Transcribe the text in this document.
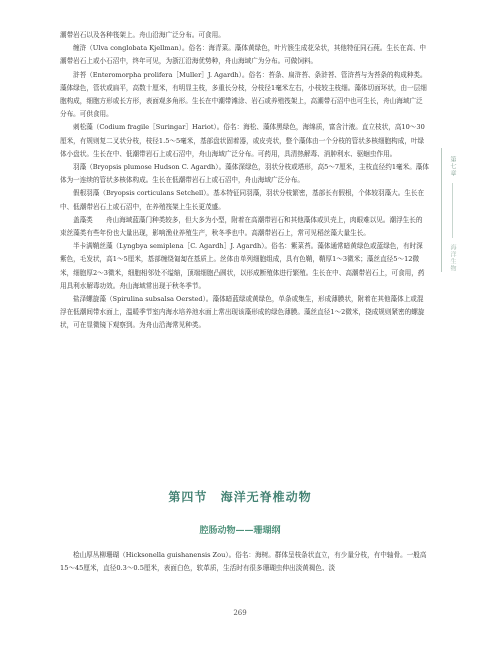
潮带岩石以及各种筏架上。舟山沿海广泛分布。可食用。

缠浒（Ulva conglobata Kjellman）。俗名：海青菜。藻体黄绿色，叶片簇生成花朵状，其他特征同石莼。生长在高、中潮带岩石上或小石沼中，终年可见，为浙江沿海优势种，舟山海域广为分布。可做饲料。

浒苔（Enteromorpha prolifera［Muller］J. Agardh）。俗名：苔条、扁浒苔、条浒苔、管浒苔与为苔条的构成种类。藻体绿色，管状或扁平，高数十厘米，有明显主枝，多重长分枝，分枝径1毫米左右，小枝较主枝细。藻体切面环状，由一层细胞构成，细胞方形或长方形，表面观多角形。生长在中潮带滩涂、岩石或养殖筏架上，高潮带石沼中也可生长，舟山海域广泛分布。可供食用。

刺松藻（Codium fragile［Suringar］Hariot）。俗名：海松、藻体黑绿色，海绵质，富含汁液。直立枝状，高10～30厘米，有规则复二叉状分枝，枝径1.5～5毫米，基部盘状固着器，或皮壳状，整个藻体由一个分枝的管状多核细胞构成，叶绿体小盘状。生长在中、低潮带岩石上或石沼中，舟山海域广泛分布。可药用，具清热解毒、消肿利水、驱蛔虫作用。

羽藻（Bryopsis plumose Hudson C. Agardh）。藻体深绿色，羽状分枝或塔形，高5～7厘米，主枝直径约1毫米。藻体体为一连续的管状多核体构成。生长在低潮带岩石上或石沼中，舟山海域广泛分布。

假根羽藻（Bryopsis corticulans Setchell）。基本特征同羽藻，羽状分枝繁密，基部长有假根，个体较羽藻大。生长在中、低潮带岩石上或石沼中，在养殖筏架上生长更茂盛。

盖藻类　　舟山海域蓝藻门种类较多，但大多为小型，附着在高潮带岩石和其他藻体或贝壳上，肉眼难以见。潮浮生长的束丝藻类有些年份也大量出现，影响渔业养殖生产，秋冬季也中。高潮带岩石上，常可见稻丝藻大量生长。

半卡满鞘丝藻（Lyngbya semiplena［C. Agardh］J. Agardh）。俗名：紫菜苔。藻体通常暗黄绿色或蓝绿色，有时深紫色，毛发状，高1～5厘米，基部缠绕匍匐在基质上。丝体由单列细胞组成，具有色鞘，鞘厚1～3微米；藻丝直径5～12微米，细胞厚2～3微米，细胞相邻处不缢缩，顶端细胞凸圆状，以形成断殖体进行繁殖。生长在中、高潮带岩石上，可食用，药用具利水解毒功效。舟山海域常出现于秋冬季节。

盐泽螺旋藻（Spirulina subsalsa Oersted）。藻体暗蓝绿或黄绿色，单条或集生，形成薄膜状，附着在其他藻体上或混浮在低潮间带水面上，温暖季节室内海水培养池水面上常出现该藻形成的绿色薄膜。藻丝直径1～2微米，挠成规则紧密的螺旋状，可在显微镜下观察到。为舟山沿海常见种类。

第四节 海洋无脊椎动物
腔肠动物——珊瑚纲

桧山厚丛柳珊瑚（Hicksonella guishanensis Zou）。俗名：海树。群体呈枝条状直立，有少量分枝，有中轴骨。一般高15～45厘米，直径0.3～0.5厘米，表面白色，软革质，生活时有很多珊瑚虫伸出淡黄褐色、淡

269
第七章
海洋生物
